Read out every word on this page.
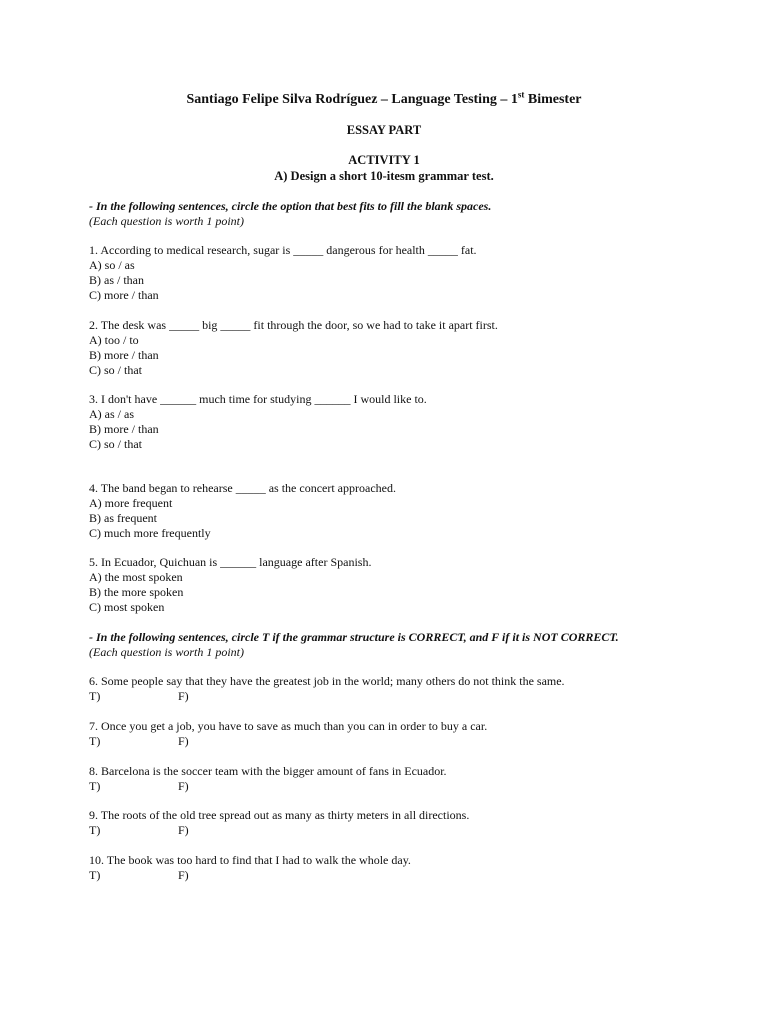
Santiago Felipe Silva Rodríguez – Language Testing – 1st Bimester
ESSAY PART
ACTIVITY 1
A) Design a short 10-itesm grammar test.
- In the following sentences, circle the option that best fits to fill the blank spaces.
(Each question is worth 1 point)
1. According to medical research, sugar is _____ dangerous for health _____ fat.
A) so / as
B) as / than
C) more / than
2. The desk was _____ big _____ fit through the door, so we had to take it apart first.
A) too / to
B) more / than
C) so / that
3. I don't have ______ much time for studying ______ I would like to.
A) as / as
B) more / than
C) so / that
4. The band began to rehearse _____ as the concert approached.
A) more frequent
B) as frequent
C) much more frequently
5. In Ecuador, Quichuan is ______ language after Spanish.
A) the most spoken
B) the more spoken
C) most spoken
- In the following sentences, circle T if the grammar structure is CORRECT, and F if it is NOT CORRECT.
(Each question is worth 1 point)
6. Some people say that they have the greatest job in the world; many others do not think the same.
T)	F)
7. Once you get a job, you have to save as much than you can in order to buy a car.
T)	F)
8. Barcelona is the soccer team with the bigger amount of fans in Ecuador.
T)	F)
9. The roots of the old tree spread out as many as thirty meters in all directions.
T)	F)
10. The book was too hard to find that I had to walk the whole day.
T)	F)
